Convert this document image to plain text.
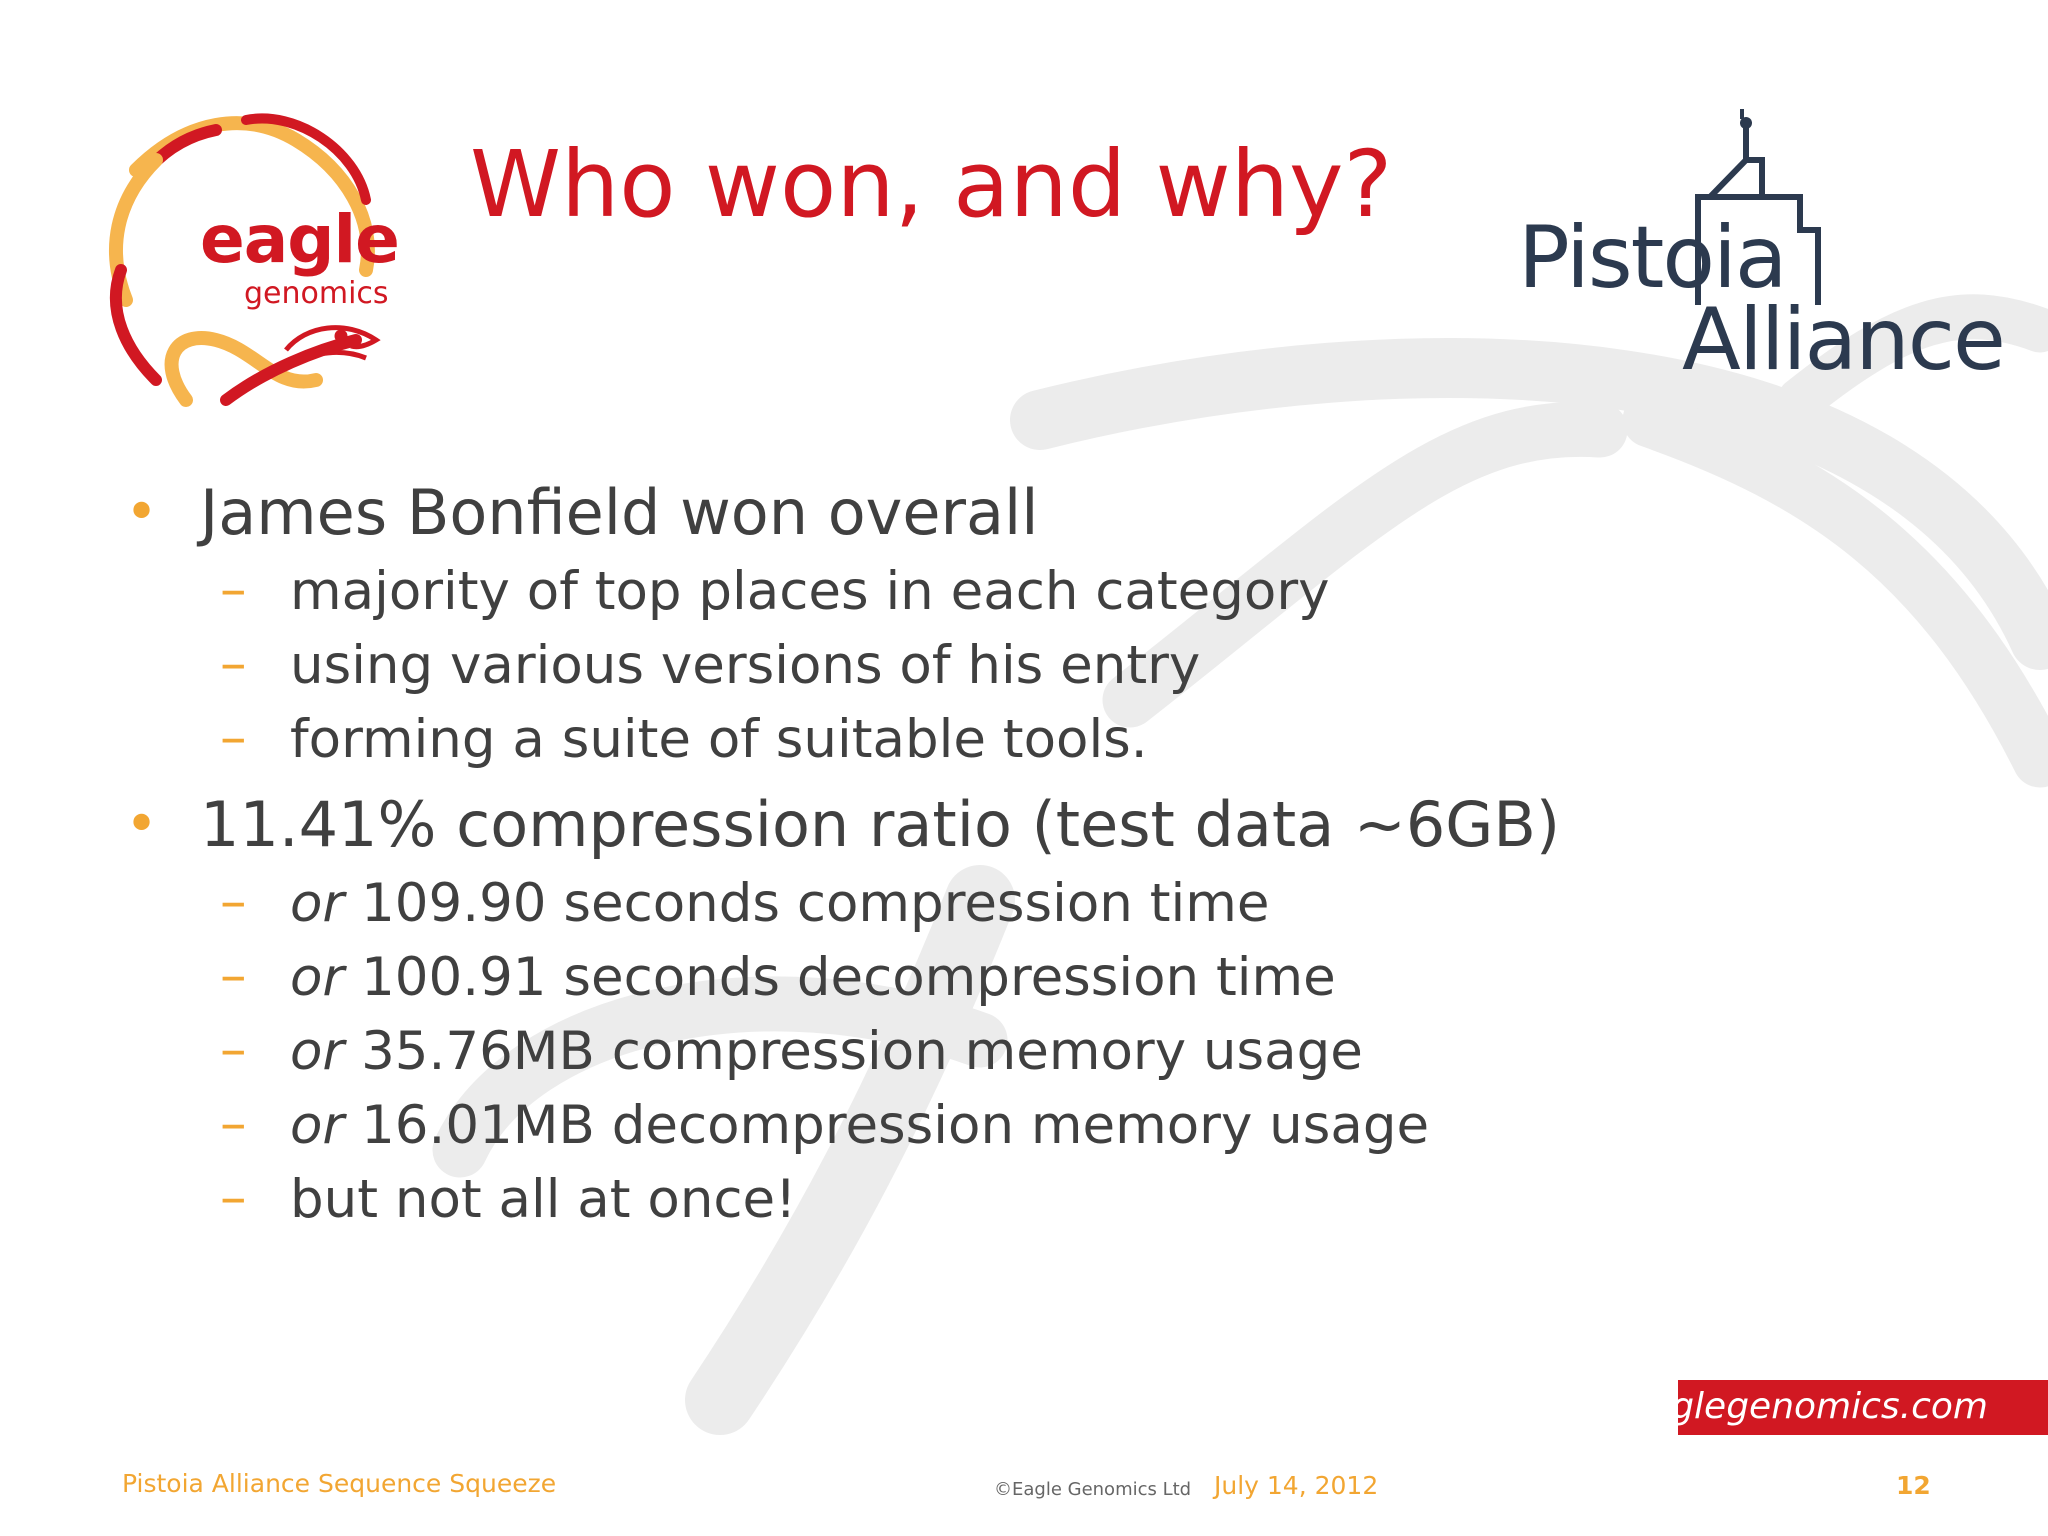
eagle
genomics
Who won, and why?
Pistoia
Alliance
• James Bonfield won overall
– majority of top places in each category
– using various versions of his entry
– forming a suite of suitable tools.
• 11.41% compression ratio (test data ~6GB)
– or 109.90 seconds compression time
– or 100.91 seconds decompression time
– or 35.76MB compression memory usage
– or 16.01MB decompression memory usage
– but not all at once!
eaglegenomics.com
Pistoia Alliance Sequence Squeeze	©Eagle Genomics Ltd July 14, 2012	12
